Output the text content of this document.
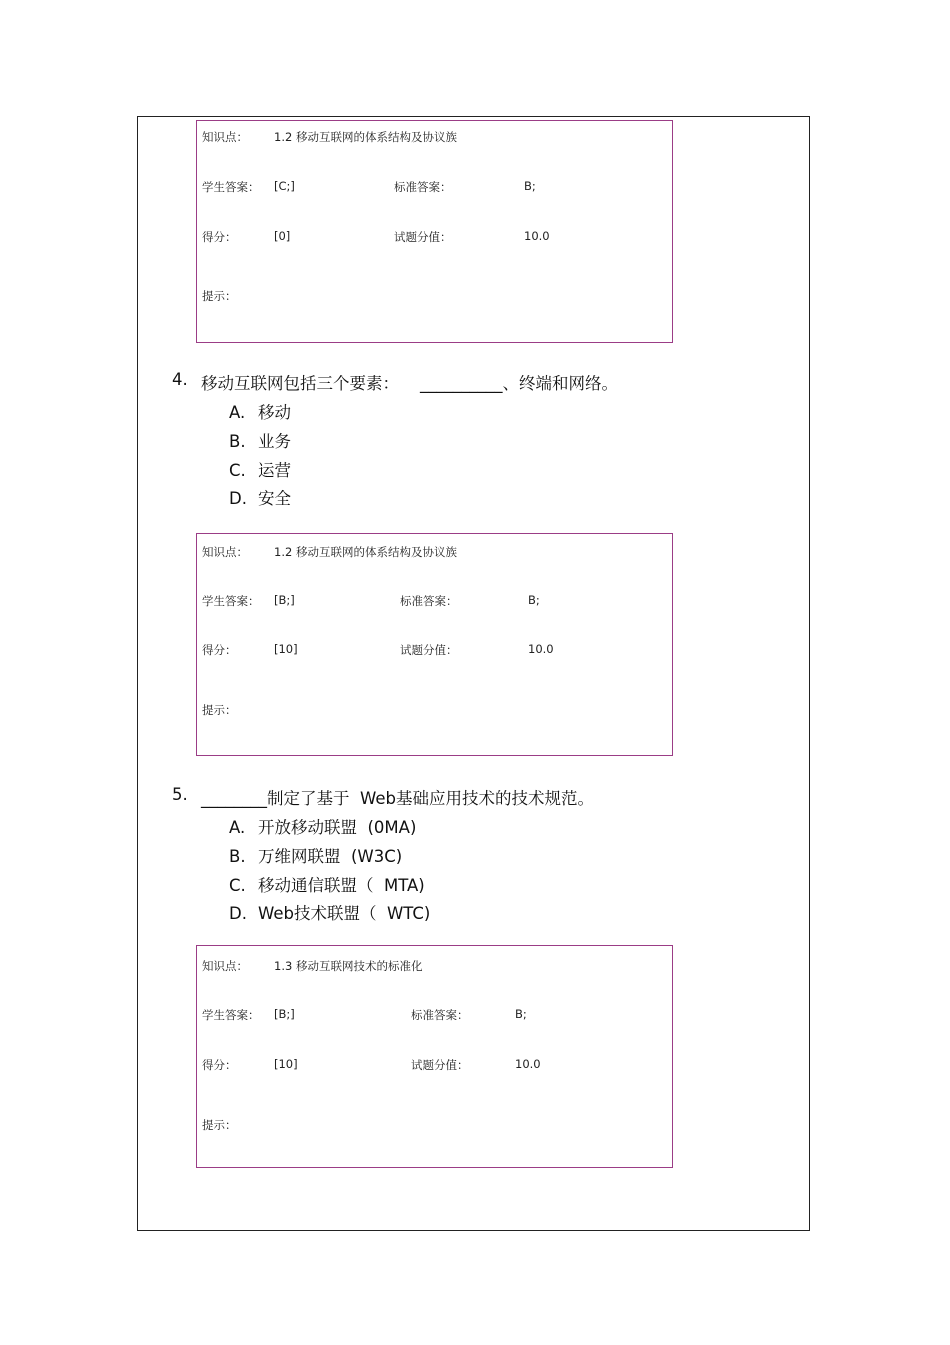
知识点： 1.2 移动互联网的体系结构及协议族
学生答案： [C;]	标准答案：	B;
得分：	[0]	试题分值：	10.0
提示：
4. 移动互联网包括三个要素：    __________、终端和网络。
A. 移动
B. 业务
C. 运营
D. 安全
知识点： 1.2 移动互联网的体系结构及协议族
学生答案： [B;]	标准答案：	B;
得分：	[10]	试题分值：	10.0
提示：
5. ________制定了基于  Web基础应用技术的技术规范。
A. 开放移动联盟  (0MA)
B. 万维网联盟  (W3C)
C. 移动通信联盟（  MTA)
D. Web技术联盟（  WTC)
知识点： 1.3 移动互联网技术的标准化
学生答案： [B;]	标准答案：	B;
得分：	[10]	试题分值：	10.0
提示：
